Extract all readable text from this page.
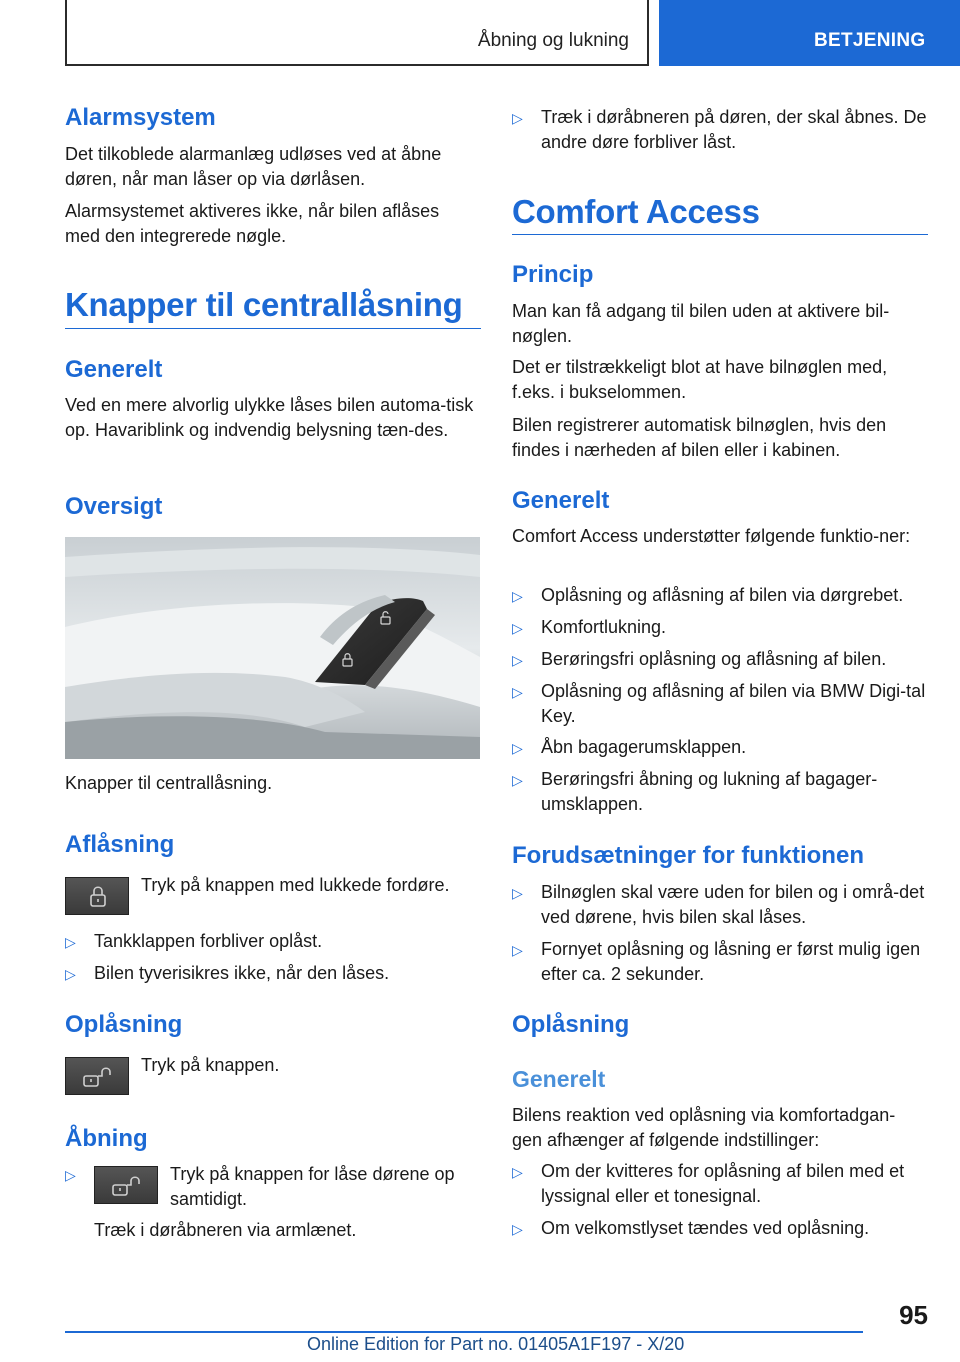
Åbning og lukning	BETJENING
Alarmsystem
Det tilkoblede alarmanlæg udløses ved at åbne døren, når man låser op via dørlåsen.
Alarmsystemet aktiveres ikke, når bilen aflåses med den integrerede nøgle.
Knapper til centrallåsning
Generelt
Ved en mere alvorlig ulykke låses bilen automa‐tisk op. Havariblink og indvendig belysning tæn‐des.
Oversigt
Knapper til centrallåsning.
Aflåsning
Tryk på knappen med lukkede fordøre.
▷	Tankklappen forbliver oplåst.
▷	Bilen tyverisikres ikke, når den låses.
Oplåsning
Tryk på knappen.
Åbning
▷	Tryk på knappen for låse dørene op samtidigt.
Træk i døråbneren via armlænet.
▷	Træk i døråbneren på døren, der skal åbnes. De andre døre forbliver låst.
Comfort Access
Princip
Man kan få adgang til bilen uden at aktivere bil‐nøglen.
Det er tilstrækkeligt blot at have bilnøglen med, f.eks. i bukselommen.
Bilen registrerer automatisk bilnøglen, hvis den findes i nærheden af bilen eller i kabinen.
Generelt
Comfort Access understøtter følgende funktio‐ner:
▷	Oplåsning og aflåsning af bilen via dørgrebet.
▷	Komfortlukning.
▷	Berøringsfri oplåsning og aflåsning af bilen.
▷	Oplåsning og aflåsning af bilen via BMW Digi‐tal Key.
▷	Åbn bagagerumsklappen.
▷	Berøringsfri åbning og lukning af bagager‐umsklappen.
Forudsætninger for funktionen
▷	Bilnøglen skal være uden for bilen og i områ‐det ved dørene, hvis bilen skal låses.
▷	Fornyet oplåsning og låsning er først mulig igen efter ca. 2 sekunder.
Oplåsning
Generelt
Bilens reaktion ved oplåsning via komfortadgan‐gen afhænger af følgende indstillinger:
▷	Om der kvitteres for oplåsning af bilen med et lyssignal eller et tonesignal.
▷	Om velkomstlyset tændes ved oplåsning.
95
Online Edition for Part no. 01405A1F197 - X/20
